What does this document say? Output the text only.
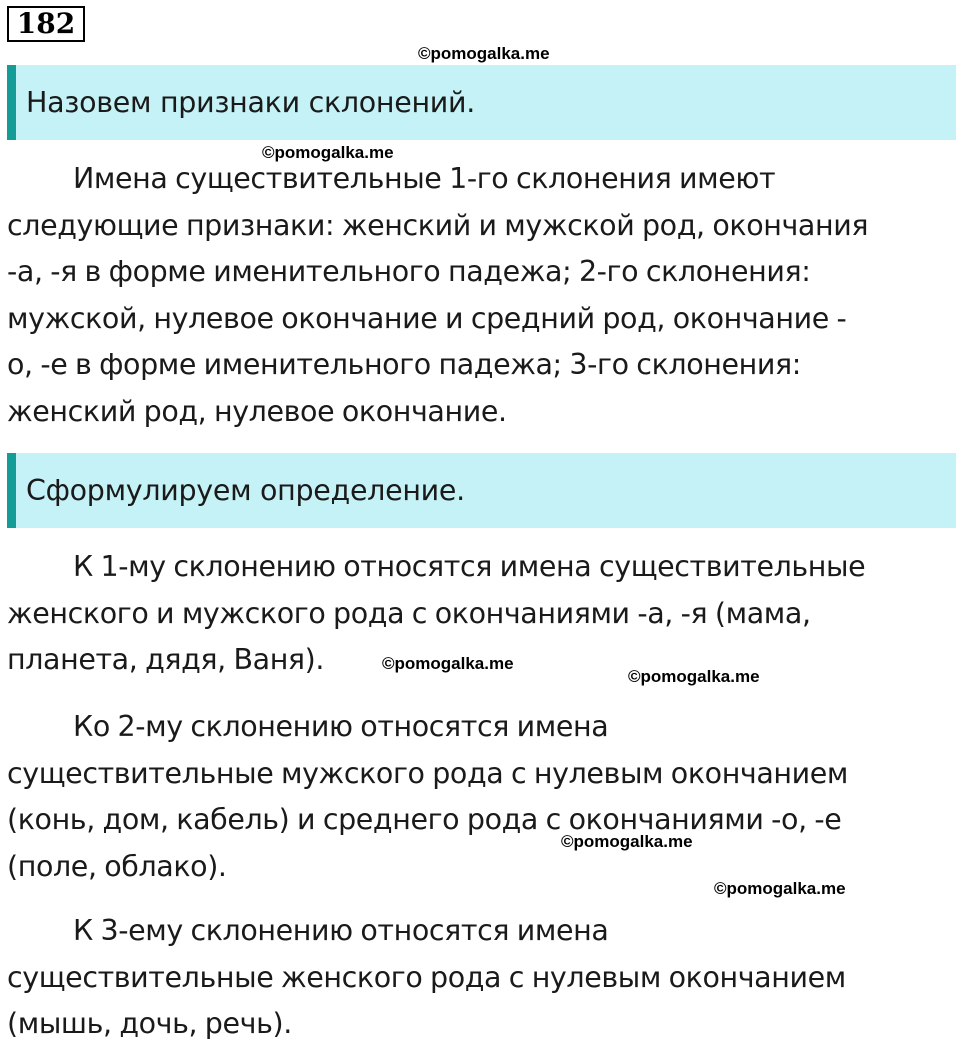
182
©pomogalka.me
Назовем признаки склонений.
©pomogalka.me

Имена существительные 1-го склонения имеют
следующие признаки: женский и мужской род, окончания
-а, -я в форме именительного падежа; 2-го склонения:
мужской, нулевое окончание и средний род, окончание -
о, -е в форме именительного падежа; 3-го склонения:
женский род, нулевое окончание.

Сформулируем определение.

К 1-му склонению относятся имена существительные
женского и мужского рода с окончаниями -а, -я (мама,
планета, дядя, Ваня).	©pomogalka.me
©pomogalka.me

Ко 2-му склонению относятся имена
существительные мужского рода с нулевым окончанием
(конь, дом, кабель) и среднего рода с окончаниями -о, -е
(поле, облако).

©pomogalka.me
©pomogalka.me

К 3-ему склонению относятся имена
существительные женского рода с нулевым окончанием
(мышь, дочь, речь).
